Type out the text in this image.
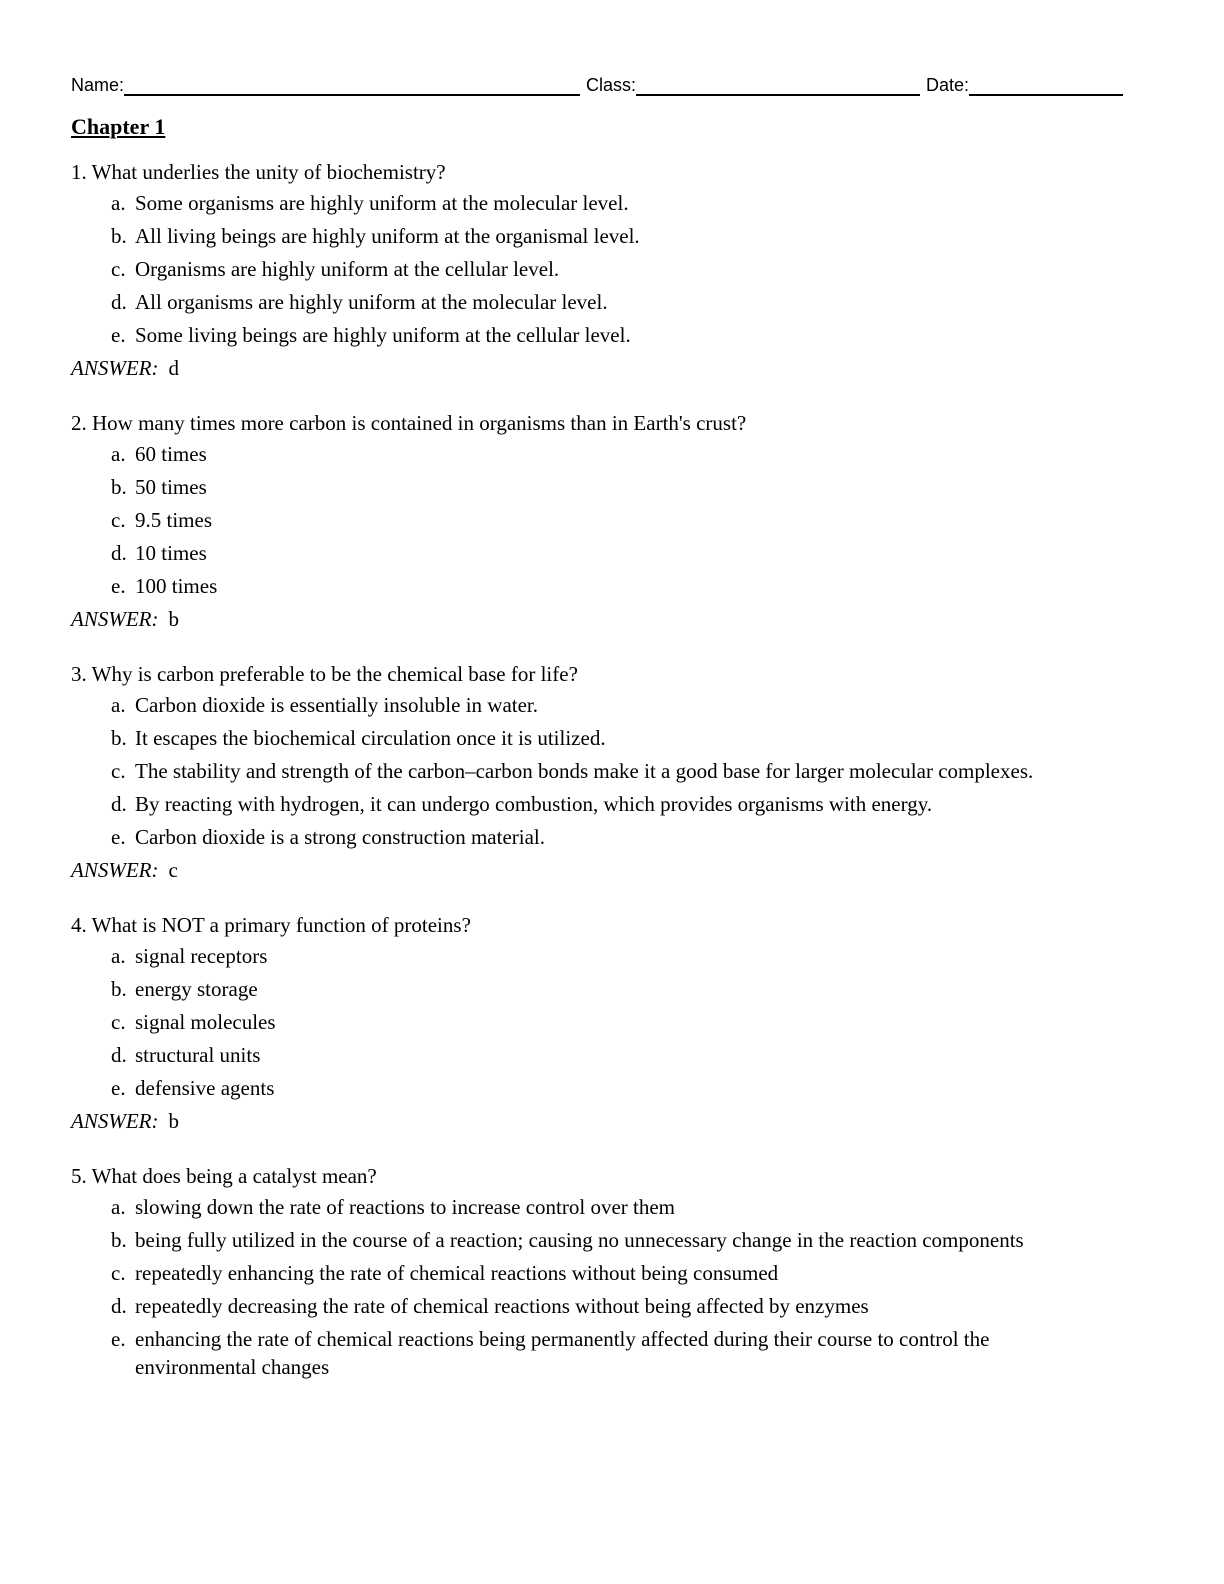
Name:	Class:	Date:
Chapter 1
1. What underlies the unity of biochemistry?
a. Some organisms are highly uniform at the molecular level.
b. All living beings are highly uniform at the organismal level.
c. Organisms are highly uniform at the cellular level.
d. All organisms are highly uniform at the molecular level.
e. Some living beings are highly uniform at the cellular level.
ANSWER: d
2. How many times more carbon is contained in organisms than in Earth's crust?
a. 60 times
b. 50 times
c. 9.5 times
d. 10 times
e. 100 times
ANSWER: b
3. Why is carbon preferable to be the chemical base for life?
a. Carbon dioxide is essentially insoluble in water.
b. It escapes the biochemical circulation once it is utilized.
c. The stability and strength of the carbon–carbon bonds make it a good base for larger molecular complexes.
d. By reacting with hydrogen, it can undergo combustion, which provides organisms with energy.
e. Carbon dioxide is a strong construction material.
ANSWER: c
4. What is NOT a primary function of proteins?
a. signal receptors
b. energy storage
c. signal molecules
d. structural units
e. defensive agents
ANSWER: b
5. What does being a catalyst mean?
a. slowing down the rate of reactions to increase control over them
b. being fully utilized in the course of a reaction; causing no unnecessary change in the reaction components
c. repeatedly enhancing the rate of chemical reactions without being consumed
d. repeatedly decreasing the rate of chemical reactions without being affected by enzymes
e. enhancing the rate of chemical reactions being permanently affected during their course to control the environmental changes
